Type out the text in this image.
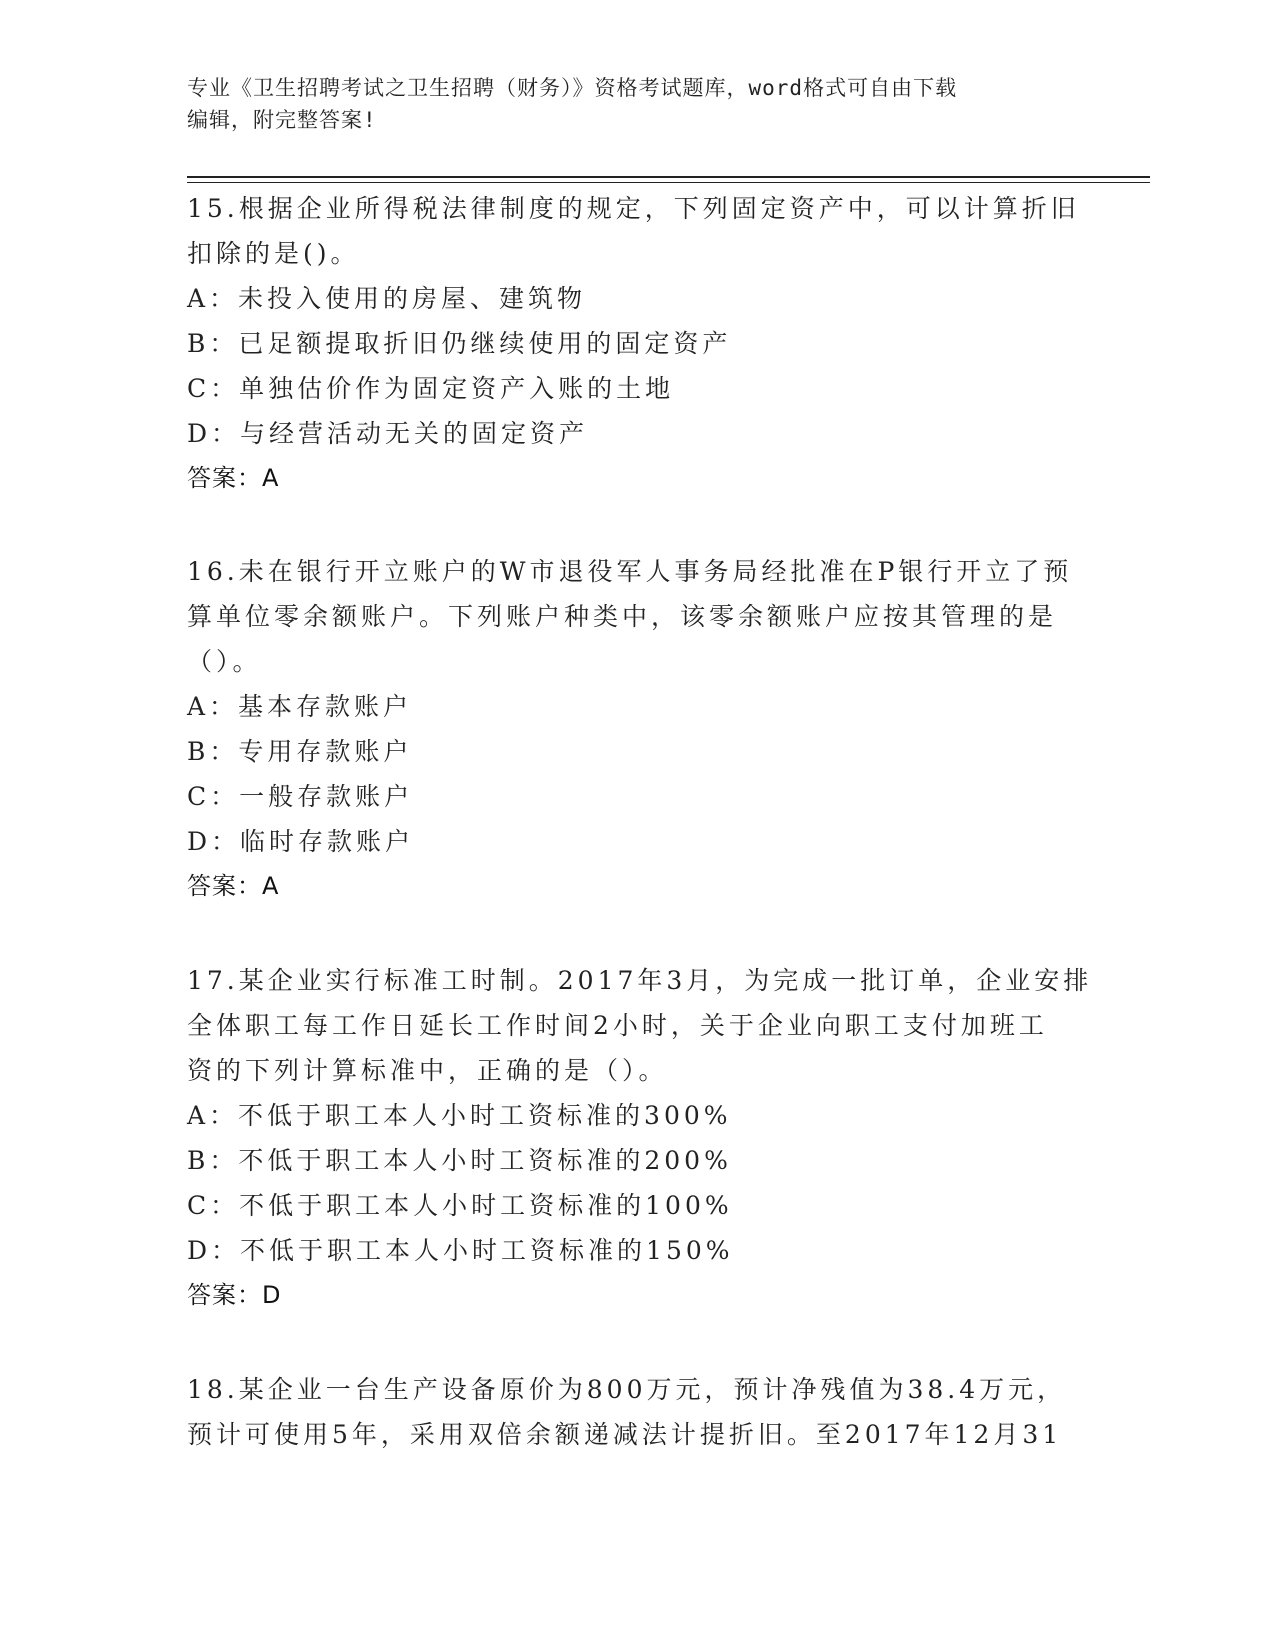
专业《卫生招聘考试之卫生招聘（财务）》资格考试题库，word格式可自由下载
编辑，附完整答案!
15.根据企业所得税法律制度的规定，下列固定资产中，可以计算折旧
扣除的是()。
A：未投入使用的房屋、建筑物
B：已足额提取折旧仍继续使用的固定资产
C：单独估价作为固定资产入账的土地
D：与经营活动无关的固定资产
答案：A
16.未在银行开立账户的W市退役军人事务局经批准在P银行开立了预
算单位零余额账户。下列账户种类中，该零余额账户应按其管理的是
（）。
A：基本存款账户
B：专用存款账户
C：一般存款账户
D：临时存款账户
答案：A
17.某企业实行标准工时制。2017年3月，为完成一批订单，企业安排
全体职工每工作日延长工作时间2小时，关于企业向职工支付加班工
资的下列计算标准中，正确的是（）。
A：不低于职工本人小时工资标准的300%
B：不低于职工本人小时工资标准的200%
C：不低于职工本人小时工资标准的100%
D：不低于职工本人小时工资标准的150%
答案：D
18.某企业一台生产设备原价为800万元，预计净残值为38.4万元，
预计可使用5年，采用双倍余额递减法计提折旧。至2017年12月31
